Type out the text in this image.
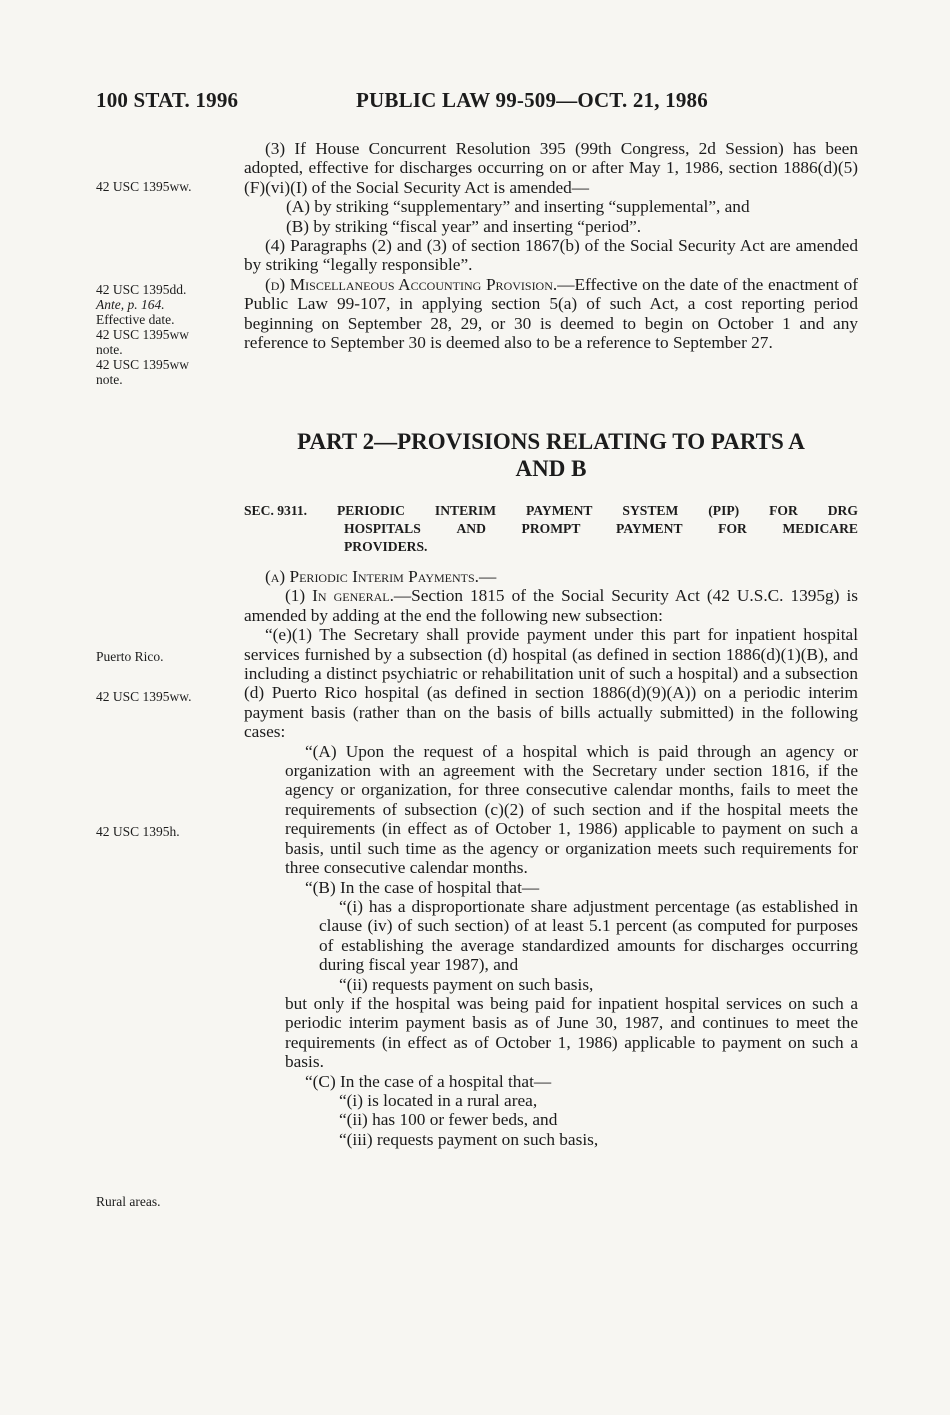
100 STAT. 1996	PUBLIC LAW 99-509—OCT. 21, 1986
42 USC 1395ww.
42 USC 1395dd.
Ante, p. 164.
Effective date.
42 USC 1395ww
note.
42 USC 1395ww
note.
Puerto Rico.
42 USC 1395ww.
42 USC 1395h.
Rural areas.

(3) If House Concurrent Resolution 395 (99th Congress, 2d Session) has been adopted, effective for discharges occurring on or after May 1, 1986, section 1886(d)(5)(F)(vi)(I) of the Social Security Act is amended—

(A) by striking “supplementary” and inserting “supplemental”, and

(B) by striking “fiscal year” and inserting “period”.

(4) Paragraphs (2) and (3) of section 1867(b) of the Social Security Act are amended by striking “legally responsible”.

(d) Miscellaneous Accounting Provision.—Effective on the date of the enactment of Public Law 99-107, in applying section 5(a) of such Act, a cost reporting period beginning on September 28, 29, or 30 is deemed to begin on October 1 and any reference to September 30 is deemed also to be a reference to September 27.

PART 2—PROVISIONS RELATING TO PARTS A
AND B
SEC. 9311. PERIODIC INTERIM PAYMENT SYSTEM (PIP) FOR DRG
HOSPITALS	AND	PROMPT	PAYMENT	FOR	MEDICARE
PROVIDERS.

(a) Periodic Interim Payments.—

(1) In general.—Section 1815 of the Social Security Act (42 U.S.C. 1395g) is amended by adding at the end the following new subsection:

“(e)(1) The Secretary shall provide payment under this part for inpatient hospital services furnished by a subsection (d) hospital (as defined in section 1886(d)(1)(B), and including a distinct psychiatric or rehabilitation unit of such a hospital) and a subsection (d) Puerto Rico hospital (as defined in section 1886(d)(9)(A)) on a periodic interim payment basis (rather than on the basis of bills actually submitted) in the following cases:

“(A) Upon the request of a hospital which is paid through an agency or organization with an agreement with the Secretary under section 1816, if the agency or organization, for three consecutive calendar months, fails to meet the requirements of subsection (c)(2) of such section and if the hospital meets the requirements (in effect as of October 1, 1986) applicable to payment on such a basis, until such time as the agency or organization meets such requirements for three consecutive calendar months.

“(B) In the case of hospital that—

“(i) has a disproportionate share adjustment percentage (as established in clause (iv) of such section) of at least 5.1 percent (as computed for purposes of establishing the average standardized amounts for discharges occurring during fiscal year 1987), and

“(ii) requests payment on such basis,

but only if the hospital was being paid for inpatient hospital services on such a periodic interim payment basis as of June 30, 1987, and continues to meet the requirements (in effect as of October 1, 1986) applicable to payment on such a basis.

“(C) In the case of a hospital that—

“(i) is located in a rural area,

“(ii) has 100 or fewer beds, and

“(iii) requests payment on such basis,
